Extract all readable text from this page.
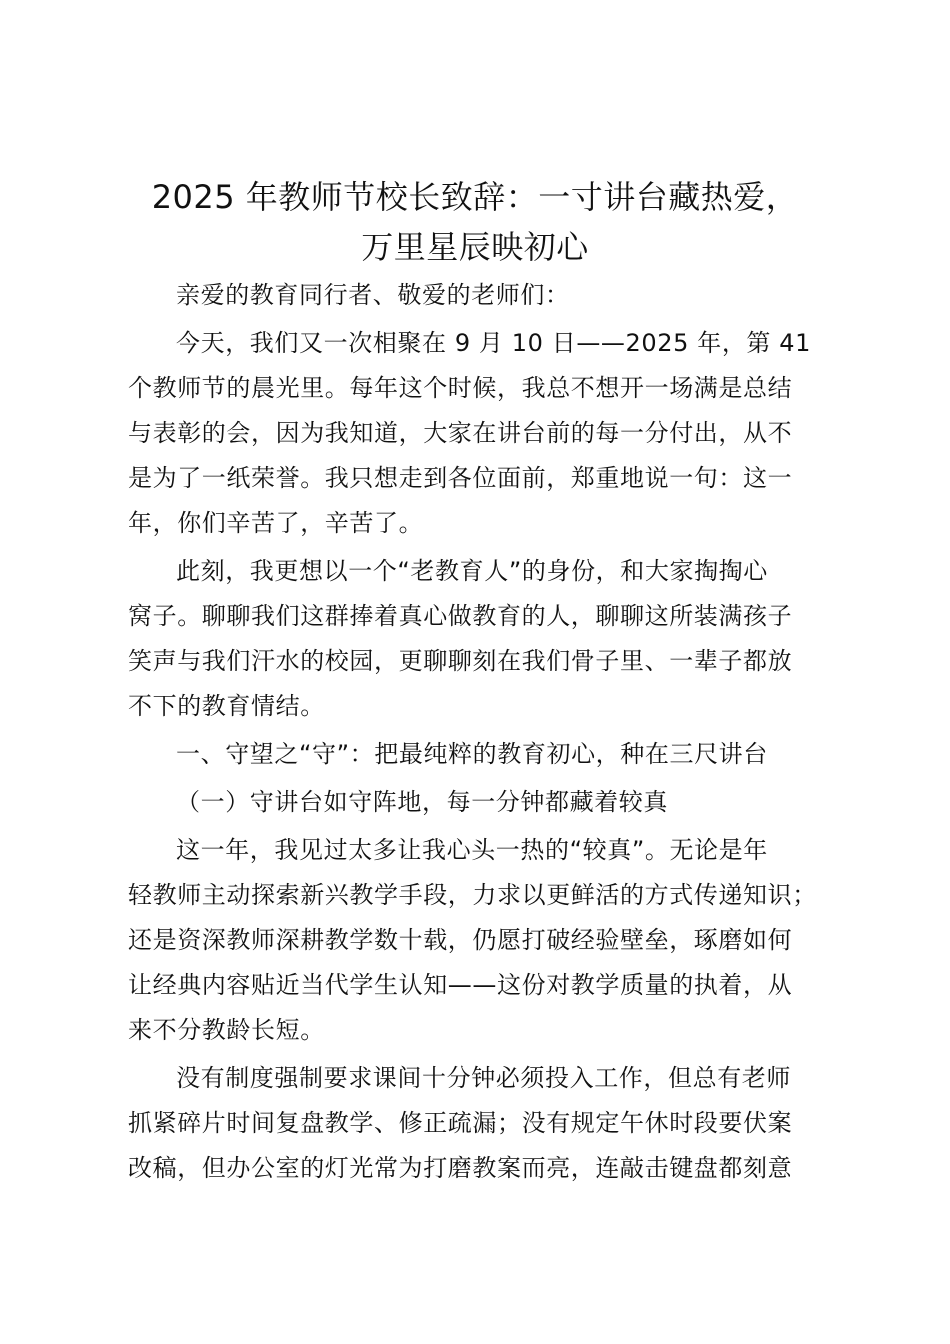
2025 年教师节校长致辞：一寸讲台藏热爱，
万里星辰映初心

亲爱的教育同行者、敬爱的老师们：

今天，我们又一次相聚在 9 月 10 日——2025 年，第 41
个教师节的晨光里。每年这个时候，我总不想开一场满是总结
与表彰的会，因为我知道，大家在讲台前的每一分付出，从不
是为了一纸荣誉。我只想走到各位面前，郑重地说一句：这一
年，你们辛苦了，辛苦了。

此刻，我更想以一个“老教育人”的身份，和大家掏掏心
窝子。聊聊我们这群捧着真心做教育的人，聊聊这所装满孩子
笑声与我们汗水的校园，更聊聊刻在我们骨子里、一辈子都放
不下的教育情结。

一、守望之“守”：把最纯粹的教育初心，种在三尺讲台

（一）守讲台如守阵地，每一分钟都藏着较真

这一年，我见过太多让我心头一热的“较真”。无论是年
轻教师主动探索新兴教学手段，力求以更鲜活的方式传递知识；
还是资深教师深耕教学数十载，仍愿打破经验壁垒，琢磨如何
让经典内容贴近当代学生认知——这份对教学质量的执着，从
来不分教龄长短。

没有制度强制要求课间十分钟必须投入工作，但总有老师
抓紧碎片时间复盘教学、修正疏漏；没有规定午休时段要伏案
改稿，但办公室的灯光常为打磨教案而亮，连敲击键盘都刻意
